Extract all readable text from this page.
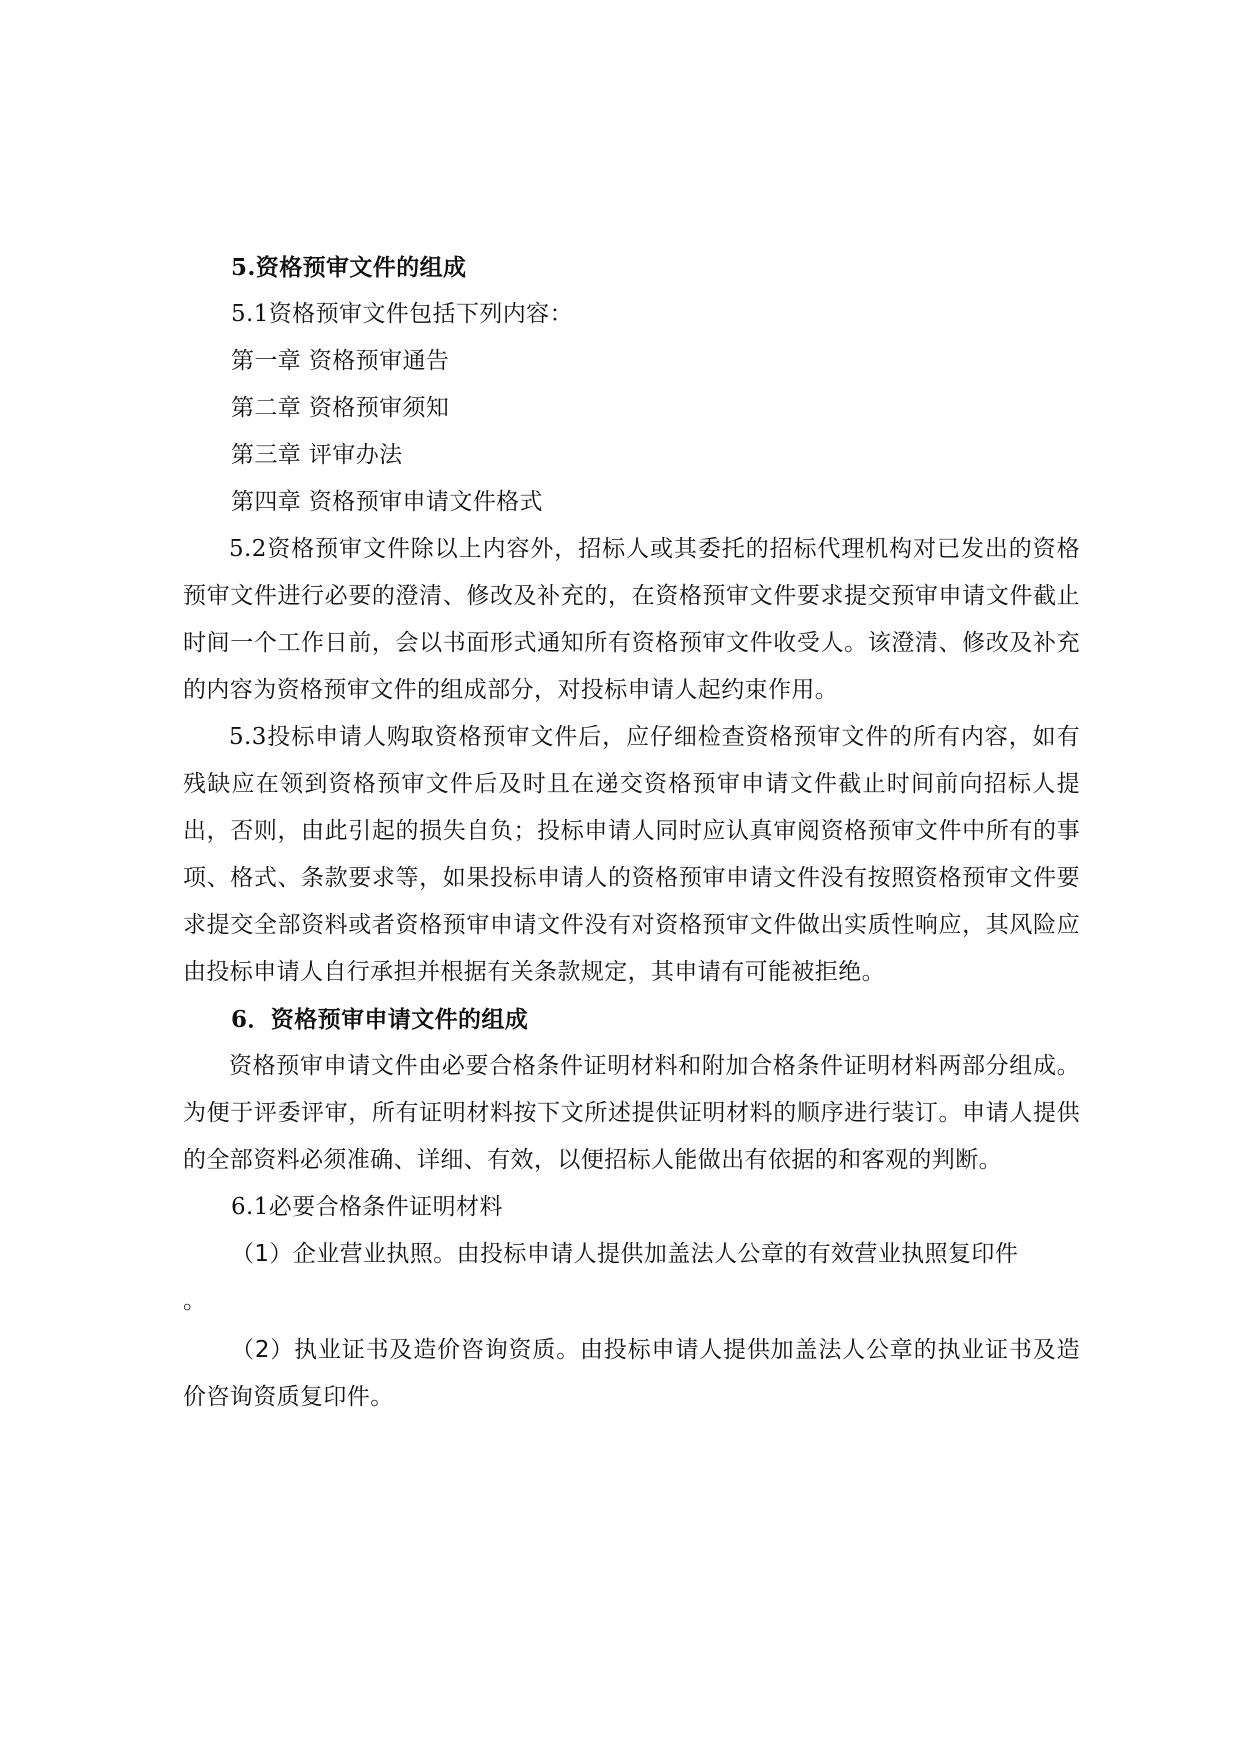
5.资格预审文件的组成
5.1资格预审文件包括下列内容：
第一章 资格预审通告
第二章 资格预审须知
第三章 评审办法
第四章 资格预审申请文件格式

5.2资格预审文件除以上内容外，招标人或其委托的招标代理机构对已发出的资格预审文件进行必要的澄清、修改及补充的，在资格预审文件要求提交预审申请文件截止时间一个工作日前，会以书面形式通知所有资格预审文件收受人。该澄清、修改及补充的内容为资格预审文件的组成部分，对投标申请人起约束作用。

5.3投标申请人购取资格预审文件后，应仔细检查资格预审文件的所有内容，如有残缺应在领到资格预审文件后及时且在递交资格预审申请文件截止时间前向招标人提出，否则，由此引起的损失自负；投标申请人同时应认真审阅资格预审文件中所有的事项、格式、条款要求等，如果投标申请人的资格预审申请文件没有按照资格预审文件要求提交全部资料或者资格预审申请文件没有对资格预审文件做出实质性响应，其风险应由投标申请人自行承担并根据有关条款规定，其申请有可能被拒绝。

6．资格预审申请文件的组成

资格预审申请文件由必要合格条件证明材料和附加合格条件证明材料两部分组成。为便于评委评审，所有证明材料按下文所述提供证明材料的顺序进行装订。申请人提供的全部资料必须准确、详细、有效，以便招标人能做出有依据的和客观的判断。

6.1必要合格条件证明材料
（1）企业营业执照。由投标申请人提供加盖法人公章的有效营业执照复印件
。

（2）执业证书及造价咨询资质。由投标申请人提供加盖法人公章的执业证书及造价咨询资质复印件。
